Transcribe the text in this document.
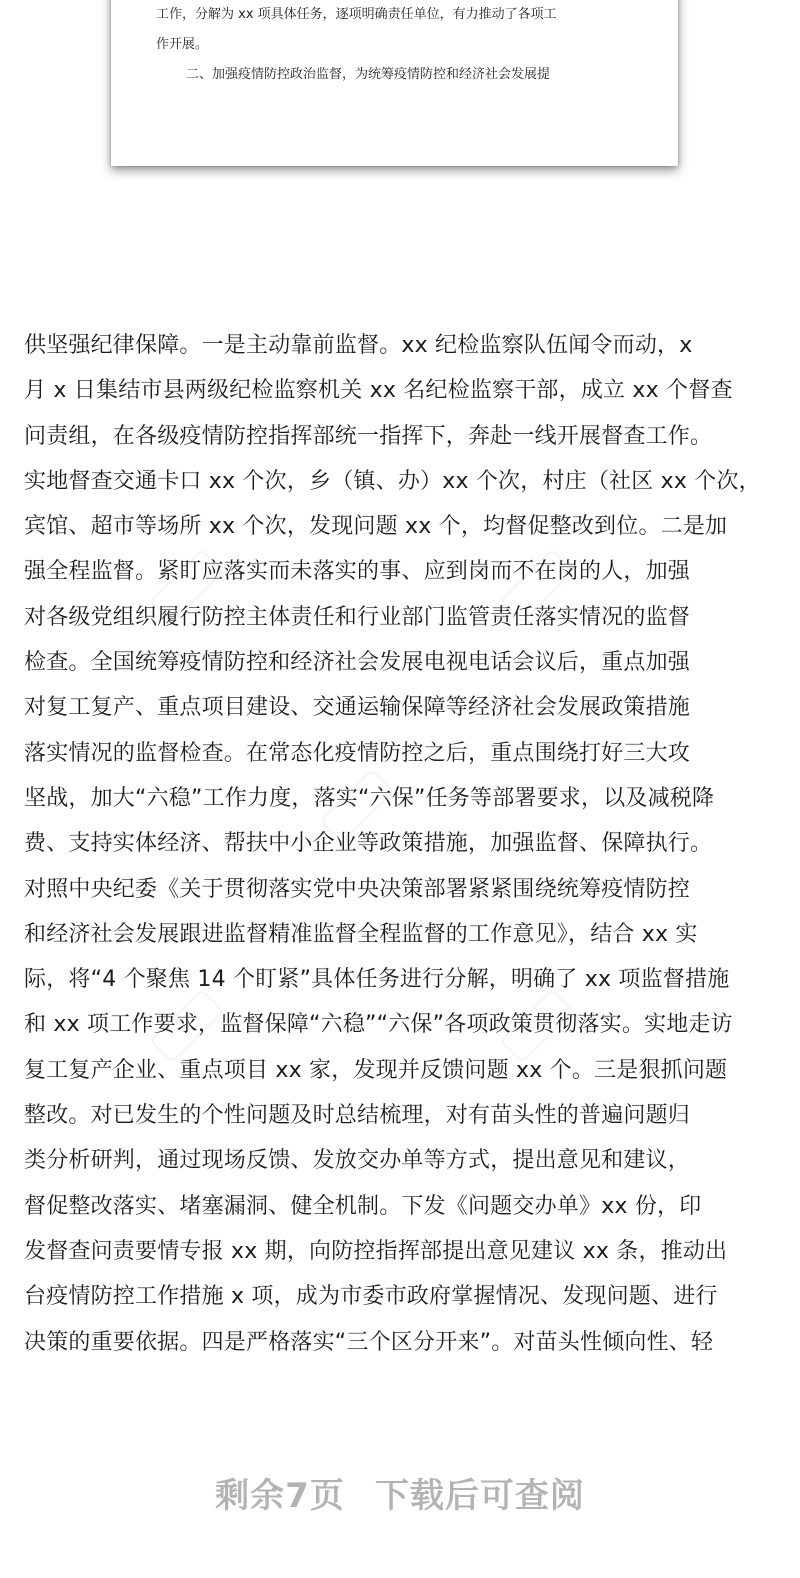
工作，分解为 xx 项具体任务，逐项明确责任单位，有力推动了各项工

作开展。

二、加强疫情防控政治监督，为统筹疫情防控和经济社会发展提

供坚强纪律保障。一是主动靠前监督。xx 纪检监察队伍闻令而动，x
月 x 日集结市县两级纪检监察机关 xx 名纪检监察干部，成立 xx 个督查
问责组，在各级疫情防控指挥部统一指挥下，奔赴一线开展督查工作。
实地督查交通卡口 xx 个次，乡（镇、办）xx 个次，村庄（社区 xx 个次，
宾馆、超市等场所 xx 个次，发现问题 xx 个，均督促整改到位。二是加
强全程监督。紧盯应落实而未落实的事、应到岗而不在岗的人，加强
对各级党组织履行防控主体责任和行业部门监管责任落实情况的监督
检查。全国统筹疫情防控和经济社会发展电视电话会议后，重点加强
对复工复产、重点项目建设、交通运输保障等经济社会发展政策措施
落实情况的监督检查。在常态化疫情防控之后，重点围绕打好三大攻
坚战，加大“六稳”工作力度，落实“六保”任务等部署要求，以及减税降
费、支持实体经济、帮扶中小企业等政策措施，加强监督、保障执行。
对照中央纪委《关于贯彻落实党中央决策部署紧紧围绕统筹疫情防控
和经济社会发展跟进监督精准监督全程监督的工作意见》，结合 xx 实
际，将“4 个聚焦 14 个盯紧”具体任务进行分解，明确了 xx 项监督措施
和 xx 项工作要求，监督保障“六稳”“六保”各项政策贯彻落实。实地走访
复工复产企业、重点项目 xx 家，发现并反馈问题 xx 个。三是狠抓问题
整改。对已发生的个性问题及时总结梳理，对有苗头性的普遍问题归
类分析研判，通过现场反馈、发放交办单等方式，提出意见和建议，
督促整改落实、堵塞漏洞、健全机制。下发《问题交办单》xx 份，印
发督查问责要情专报 xx 期，向防控指挥部提出意见建议 xx 条，推动出
台疫情防控工作措施 x 项，成为市委市政府掌握情况、发现问题、进行
决策的重要依据。四是严格落实“三个区分开来”。对苗头性倾向性、轻
剩余7页 下载后可查阅
